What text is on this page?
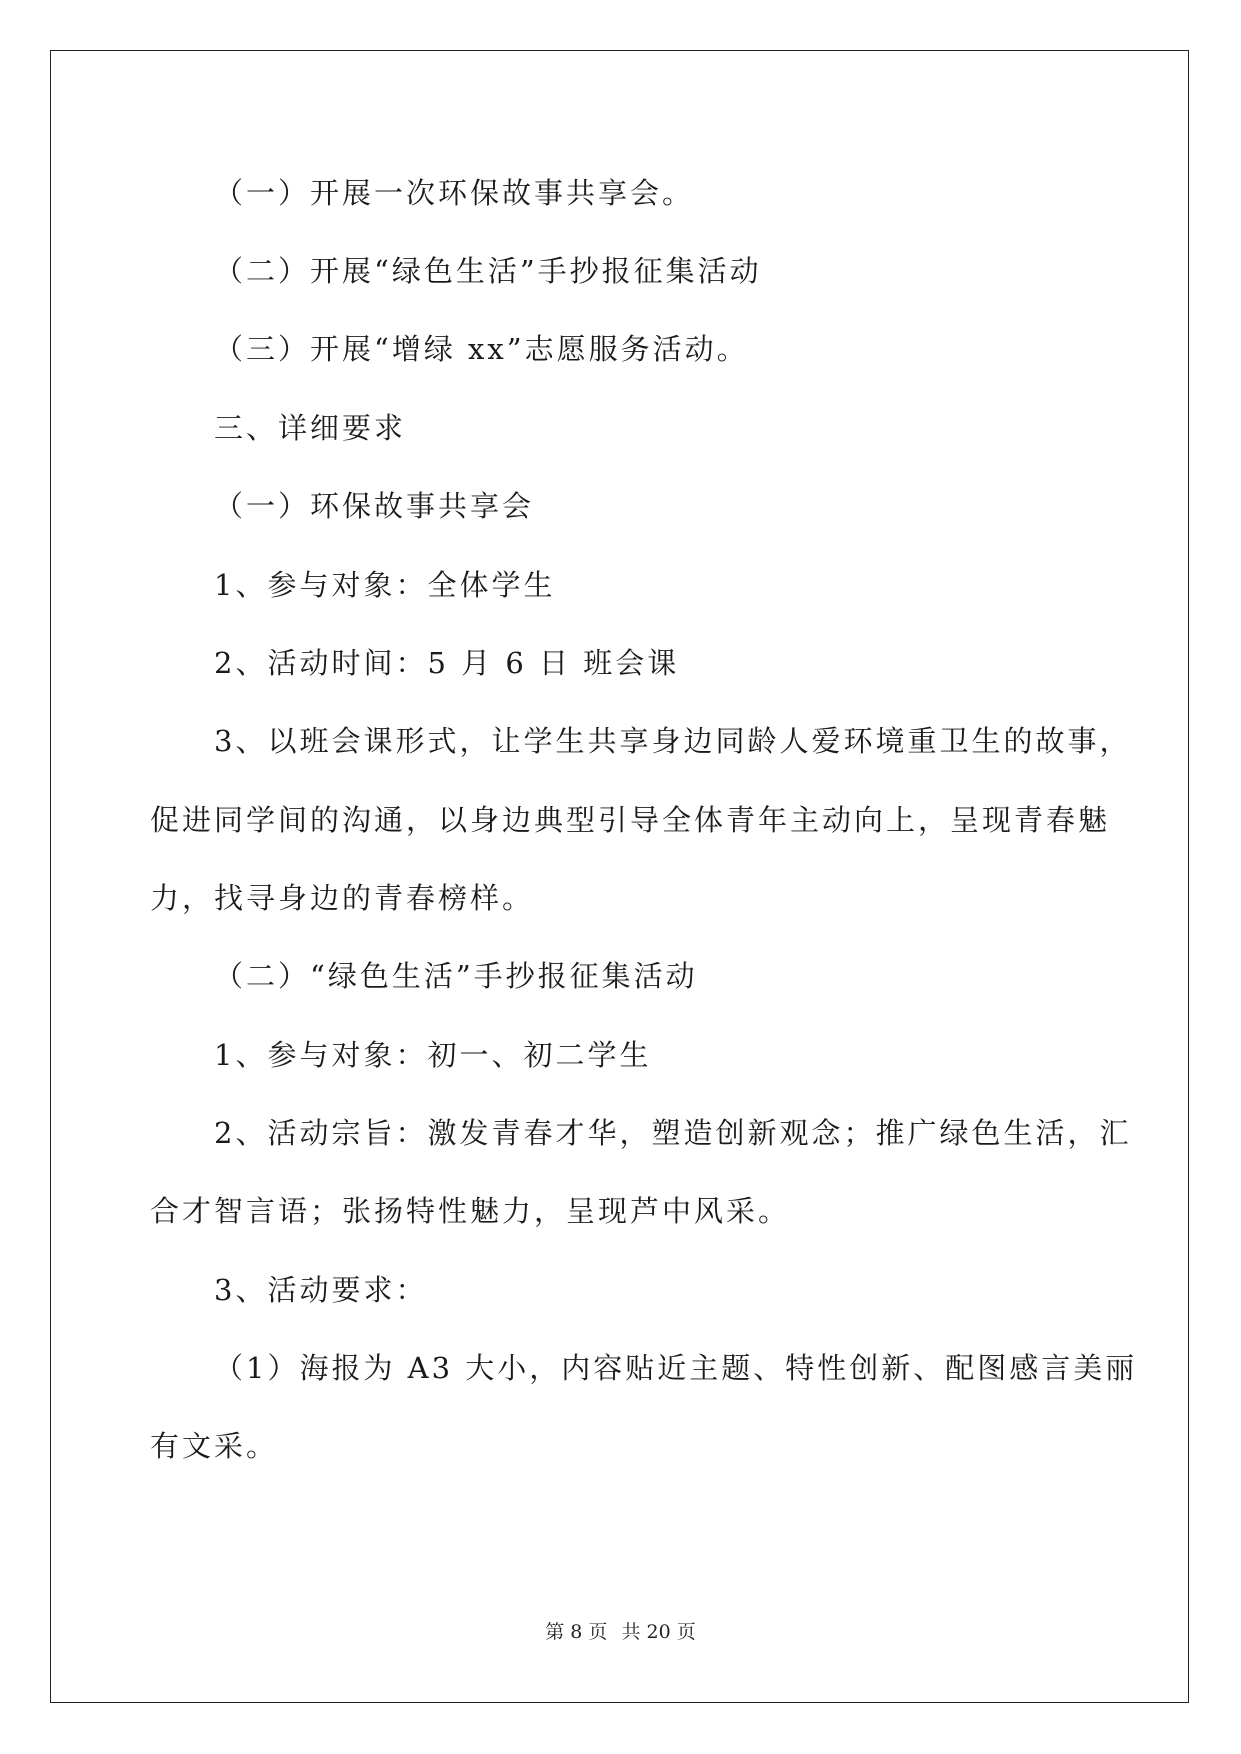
（一）开展一次环保故事共享会。
（二）开展“绿色生活”手抄报征集活动
（三）开展“增绿 xx”志愿服务活动。
三、详细要求
（一）环保故事共享会
1、参与对象：全体学生
2、活动时间：5 月 6 日 班会课
3、以班会课形式，让学生共享身边同龄人爱环境重卫生的故事，
促进同学间的沟通，以身边典型引导全体青年主动向上，呈现青春魅
力，找寻身边的青春榜样。
（二）“绿色生活”手抄报征集活动
1、参与对象：初一、初二学生
2、活动宗旨：激发青春才华，塑造创新观念；推广绿色生活，汇
合才智言语；张扬特性魅力，呈现芦中风采。
3、活动要求：
（1）海报为 A3 大小，内容贴近主题、特性创新、配图感言美丽
有文采。
第 8 页 共 20 页
